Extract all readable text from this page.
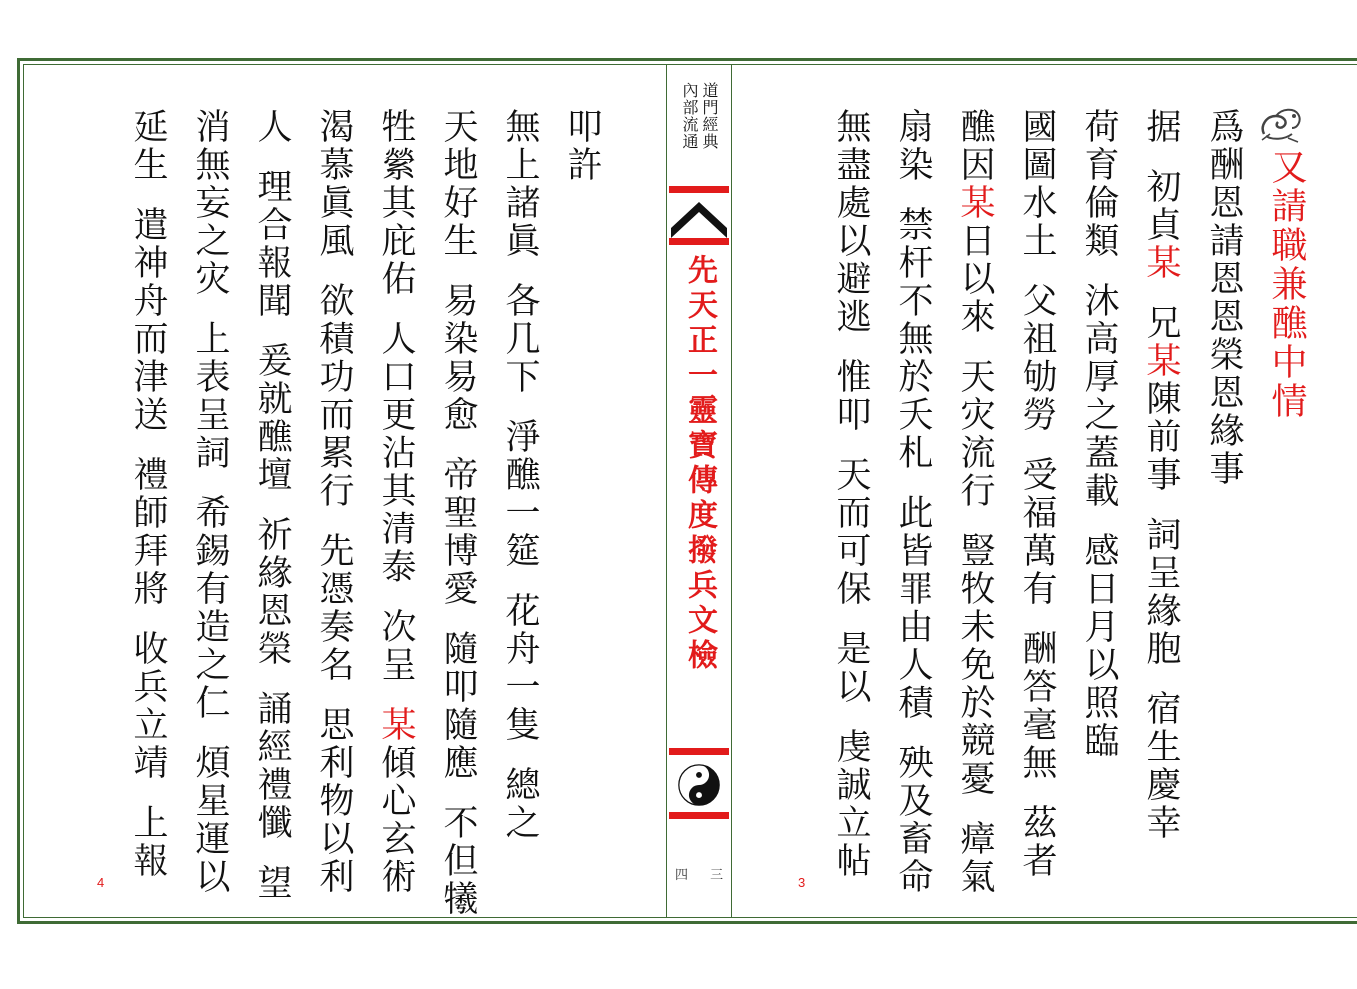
又請職兼醮中情
爲酬恩請恩恩榮恩緣事
据初貞某兄某陳前事詞呈緣胞宿生慶幸
荷育倫類沐高厚之蓋載感日月以照臨
國圖水土父祖劬勞受福萬有酬答毫無茲者
醮因某日以來天灾流行豎牧未免於競憂瘴氣
扇染禁杆不無於夭札此皆罪由人積殃及畜命
無盡處以避逃惟叩天而可保是以虔誠立帖
3
內部流通 道門經典
先天正一靈寶傳度撥兵文檢
四 三
叩許
無上諸眞各几下淨醮一筵花舟一隻總之
天地好生易染易愈帝聖博愛隨叩隨應不但犧
牲縈其庇佑人口更沾其清泰次呈某傾心玄術
渴慕眞風欲積功而累行先憑奏名思利物以利
人理合報聞爰就醮壇祈緣恩榮誦經禮懺望
消無妄之灾上表呈詞希錫有造之仁煩星運以
延生遣神舟而津送禮師拜將收兵立靖上報
4
